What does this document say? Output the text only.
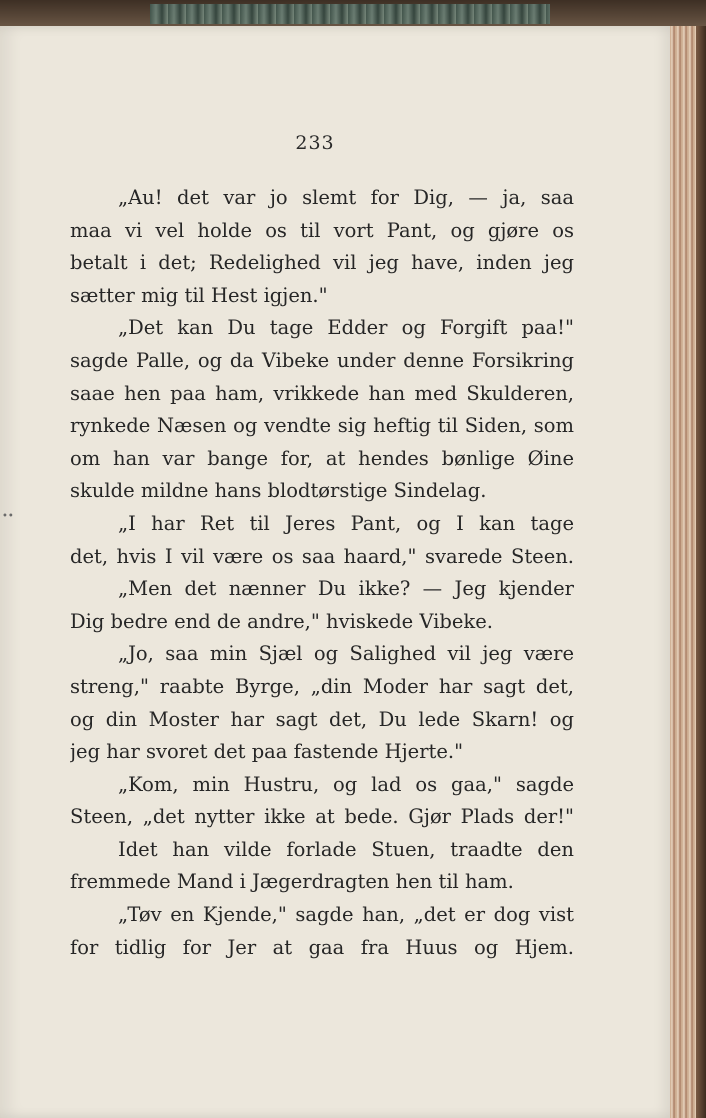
233
„Au! det var jo slemt for Dig, — ja, saa
maa vi vel holde os til vort Pant, og gjøre os
betalt i det; Redelighed vil jeg have, inden jeg
sætter mig til Hest igjen."
„Det kan Du tage Edder og Forgift paa!"
sagde Palle, og da Vibeke under denne Forsikring
saae hen paa ham, vrikkede han med Skulderen,
rynkede Næsen og vendte sig heftig til Siden, som
om han var bange for, at hendes bønlige Øine
skulde mildne hans blodtørstige Sindelag.
„I har Ret til Jeres Pant, og I kan tage
det, hvis I vil være os saa haard," svarede Steen.
„Men det nænner Du ikke? — Jeg kjender
Dig bedre end de andre," hviskede Vibeke.
„Jo, saa min Sjæl og Salighed vil jeg være
streng," raabte Byrge, „din Moder har sagt det,
og din Moster har sagt det, Du lede Skarn! og
jeg har svoret det paa fastende Hjerte."
„Kom, min Hustru, og lad os gaa," sagde
Steen, „det nytter ikke at bede. Gjør Plads der!"
Idet han vilde forlade Stuen, traadte den
fremmede Mand i Jægerdragten hen til ham.
„Tøv en Kjende," sagde han, „det er dog vist
for tidlig for Jer at gaa fra Huus og Hjem.
••
